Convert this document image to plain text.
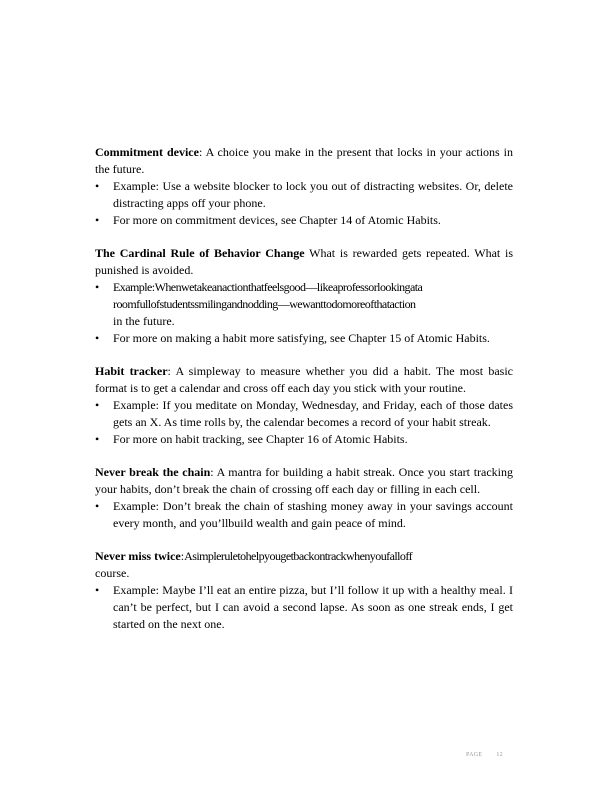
Commitment device: A choice you make in the present that locks in your actions in the future.

• Example: Use a website blocker to lock you out of distracting websites. Or, delete distracting apps off your phone.
• For more on commitment devices, see Chapter 14 of Atomic Habits.

The Cardinal Rule of Behavior Change What is rewarded gets repeated. What is punished is avoided.

• Example:Whenwetakeanactionthatfeelsgood—likeaprofessorlookingata roomfullofstudentssmilingandnodding—wewanttodomoreofthataction
in the future.
• For more on making a habit more satisfying, see Chapter 15 of Atomic Habits.

Habit tracker: A simpleway to measure whether you did a habit. The most basic format is to get a calendar and cross off each day you stick with your routine.

• Example: If you meditate on Monday, Wednesday, and Friday, each of those dates gets an X. As time rolls by, the calendar becomes a record of your habit streak.
• For more on habit tracking, see Chapter 16 of Atomic Habits.

Never break the chain: A mantra for building a habit streak. Once you start tracking your habits, don’t break the chain of crossing off each day or filling in each cell.

• Example: Don’t break the chain of stashing money away in your savings account every month, and you’llbuild wealth and gain peace of mind.

Never miss twice:Asimplerule​tohelpyougetbackontrackwhenyoufalloff

course.

• Example: Maybe I’ll eat an entire pizza, but I’ll follow it up with a healthy meal. I can’t be perfect, but I can avoid a second lapse. As soon as one streak ends, I get started on the next one.
PAGE 12
